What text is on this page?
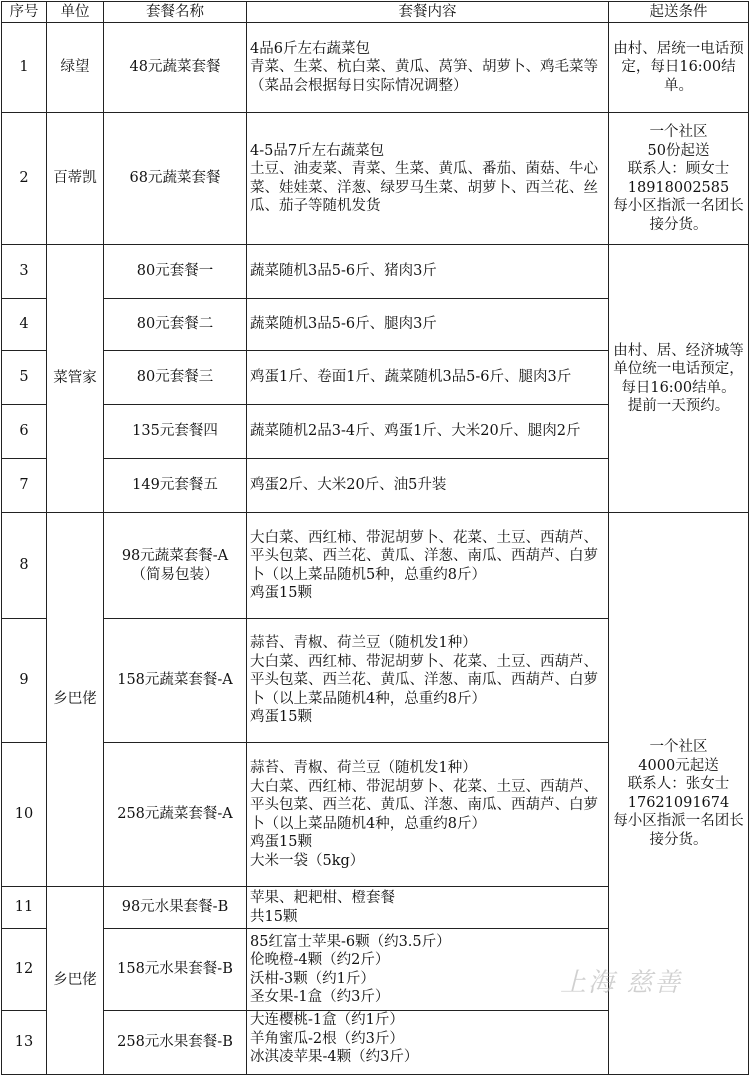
序号	单位	套餐名称	套餐内容	起送条件
1	绿望	48元蔬菜套餐	4品6斤左右蔬菜包
青菜、生菜、杭白菜、黄瓜、莴笋、胡萝卜、鸡毛菜等（菜品会根据每日实际情况调整）	由村、居统一电话预定，每日16:00结单。
2	百蒂凯	68元蔬菜套餐	4-5品7斤左右蔬菜包
土豆、油麦菜、青菜、生菜、黄瓜、番茄、菌菇、牛心菜、娃娃菜、洋葱、绿罗马生菜、胡萝卜、西兰花、丝瓜、茄子等随机发货	一个社区
50份起送
联系人：顾女士
18918002585
每小区指派一名团长接分货。
3	菜管家	80元套餐一	蔬菜随机3品5-6斤、猪肉3斤	由村、居、经济城等单位统一电话预定，每日16:00结单。
提前一天预约。
4		80元套餐二	蔬菜随机3品5-6斤、腿肉3斤	
5		80元套餐三	鸡蛋1斤、卷面1斤、蔬菜随机3品5-6斤、腿肉3斤	
6		135元套餐四	蔬菜随机2品3-4斤、鸡蛋1斤、大米20斤、腿肉2斤	
7		149元套餐五	鸡蛋2斤、大米20斤、油5升装	
8	乡巴佬	98元蔬菜套餐-A
（简易包装）	大白菜、西红柿、带泥胡萝卜、花菜、土豆、西葫芦、平头包菜、西兰花、黄瓜、洋葱、南瓜、西葫芦、白萝卜（以上菜品随机5种，总重约8斤）
鸡蛋15颗	一个社区
4000元起送
联系人：张女士
17621091674
每小区指派一名团长接分货。
9		158元蔬菜套餐-A	蒜苔、青椒、荷兰豆（随机发1种）
大白菜、西红柿、带泥胡萝卜、花菜、土豆、西葫芦、平头包菜、西兰花、黄瓜、洋葱、南瓜、西葫芦、白萝卜（以上菜品随机4种，总重约8斤）
鸡蛋15颗	
10		258元蔬菜套餐-A	蒜苔、青椒、荷兰豆（随机发1种）
大白菜、西红柿、带泥胡萝卜、花菜、土豆、西葫芦、平头包菜、西兰花、黄瓜、洋葱、南瓜、西葫芦、白萝卜（以上菜品随机4种，总重约8斤）
鸡蛋15颗
大米一袋（5kg）	
11	乡巴佬	98元水果套餐-B	苹果、耙耙柑、橙套餐
共15颗	
12		158元水果套餐-B	85红富士苹果-6颗（约3.5斤）
伦晚橙-4颗（约2斤）
沃柑-3颗（约1斤）
圣女果-1盒（约3斤）	
13		258元水果套餐-B	大连樱桃-1盒（约1斤）
羊角蜜瓜-2根（约3斤）
冰淇凌苹果-4颗（约3斤）	
上海 慈善
